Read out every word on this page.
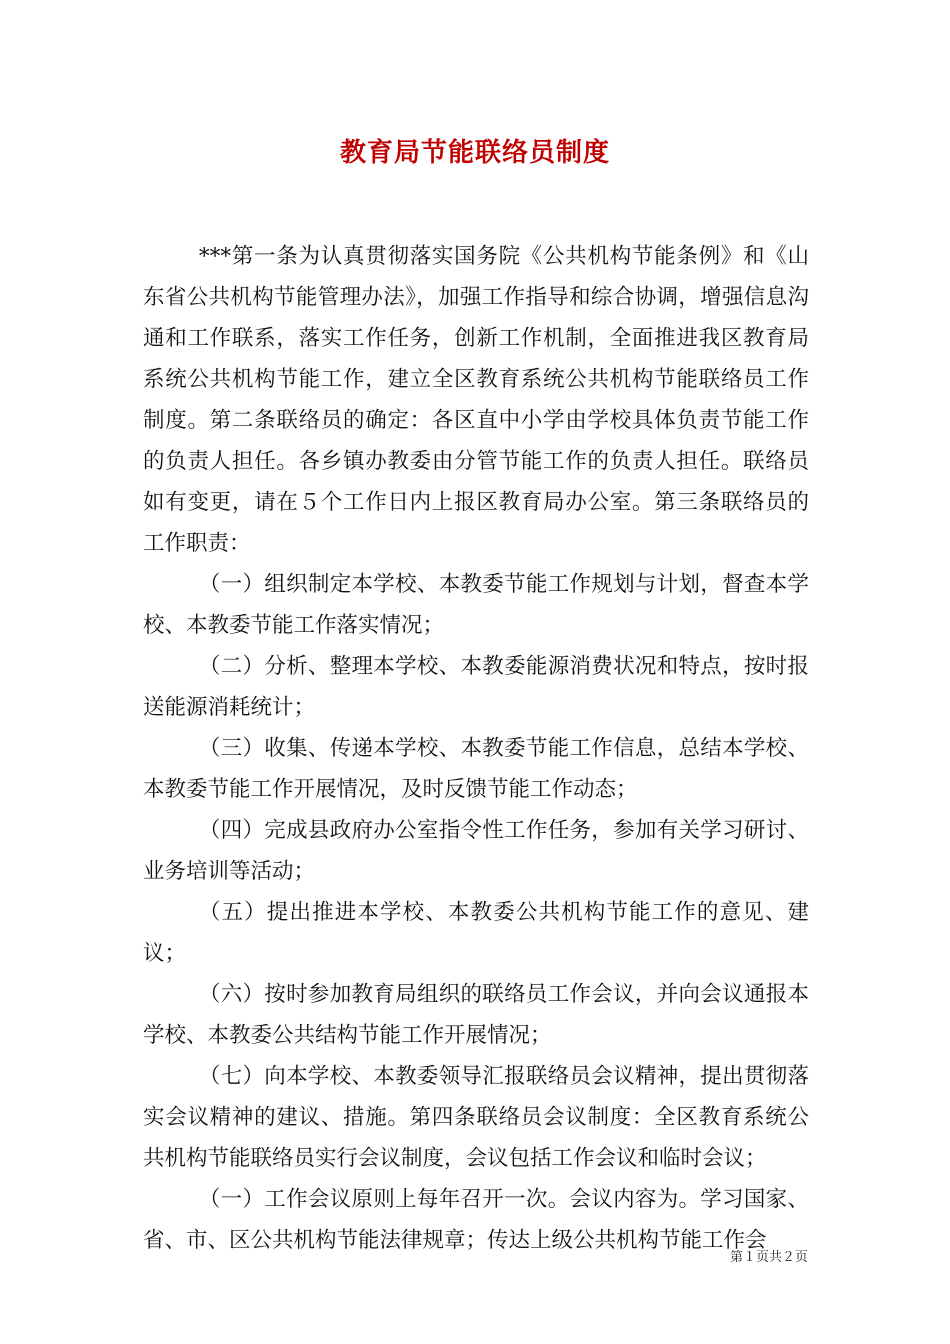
教育局节能联络员制度

***第一条为认真贯彻落实国务院《公共机构节能条例》和《山东省公共机构节能管理办法》，加强工作指导和综合协调，增强信息沟通和工作联系，落实工作任务，创新工作机制，全面推进我区教育局系统公共机构节能工作，建立全区教育系统公共机构节能联络员工作制度。第二条联络员的确定：各区直中小学由学校具体负责节能工作的负责人担任。各乡镇办教委由分管节能工作的负责人担任。联络员如有变更，请在５个工作日内上报区教育局办公室。第三条联络员的工作职责：

（一）组织制定本学校、本教委节能工作规划与计划，督查本学校、本教委节能工作落实情况；

（二）分析、整理本学校、本教委能源消费状况和特点，按时报送能源消耗统计；

（三）收集、传递本学校、本教委节能工作信息，总结本学校、本教委节能工作开展情况，及时反馈节能工作动态；

（四）完成县政府办公室指令性工作任务，参加有关学习研讨、业务培训等活动；

（五）提出推进本学校、本教委公共机构节能工作的意见、建议；

（六）按时参加教育局组织的联络员工作会议，并向会议通报本学校、本教委公共结构节能工作开展情况；

（七）向本学校、本教委领导汇报联络员会议精神，提出贯彻落实会议精神的建议、措施。第四条联络员会议制度：全区教育系统公共机构节能联络员实行会议制度，会议包括工作会议和临时会议；

（一）工作会议原则上每年召开一次。会议内容为。学习国家、省、市、区公共机构节能法律规章；传达上级公共机构节能工作会

第１页共２页
